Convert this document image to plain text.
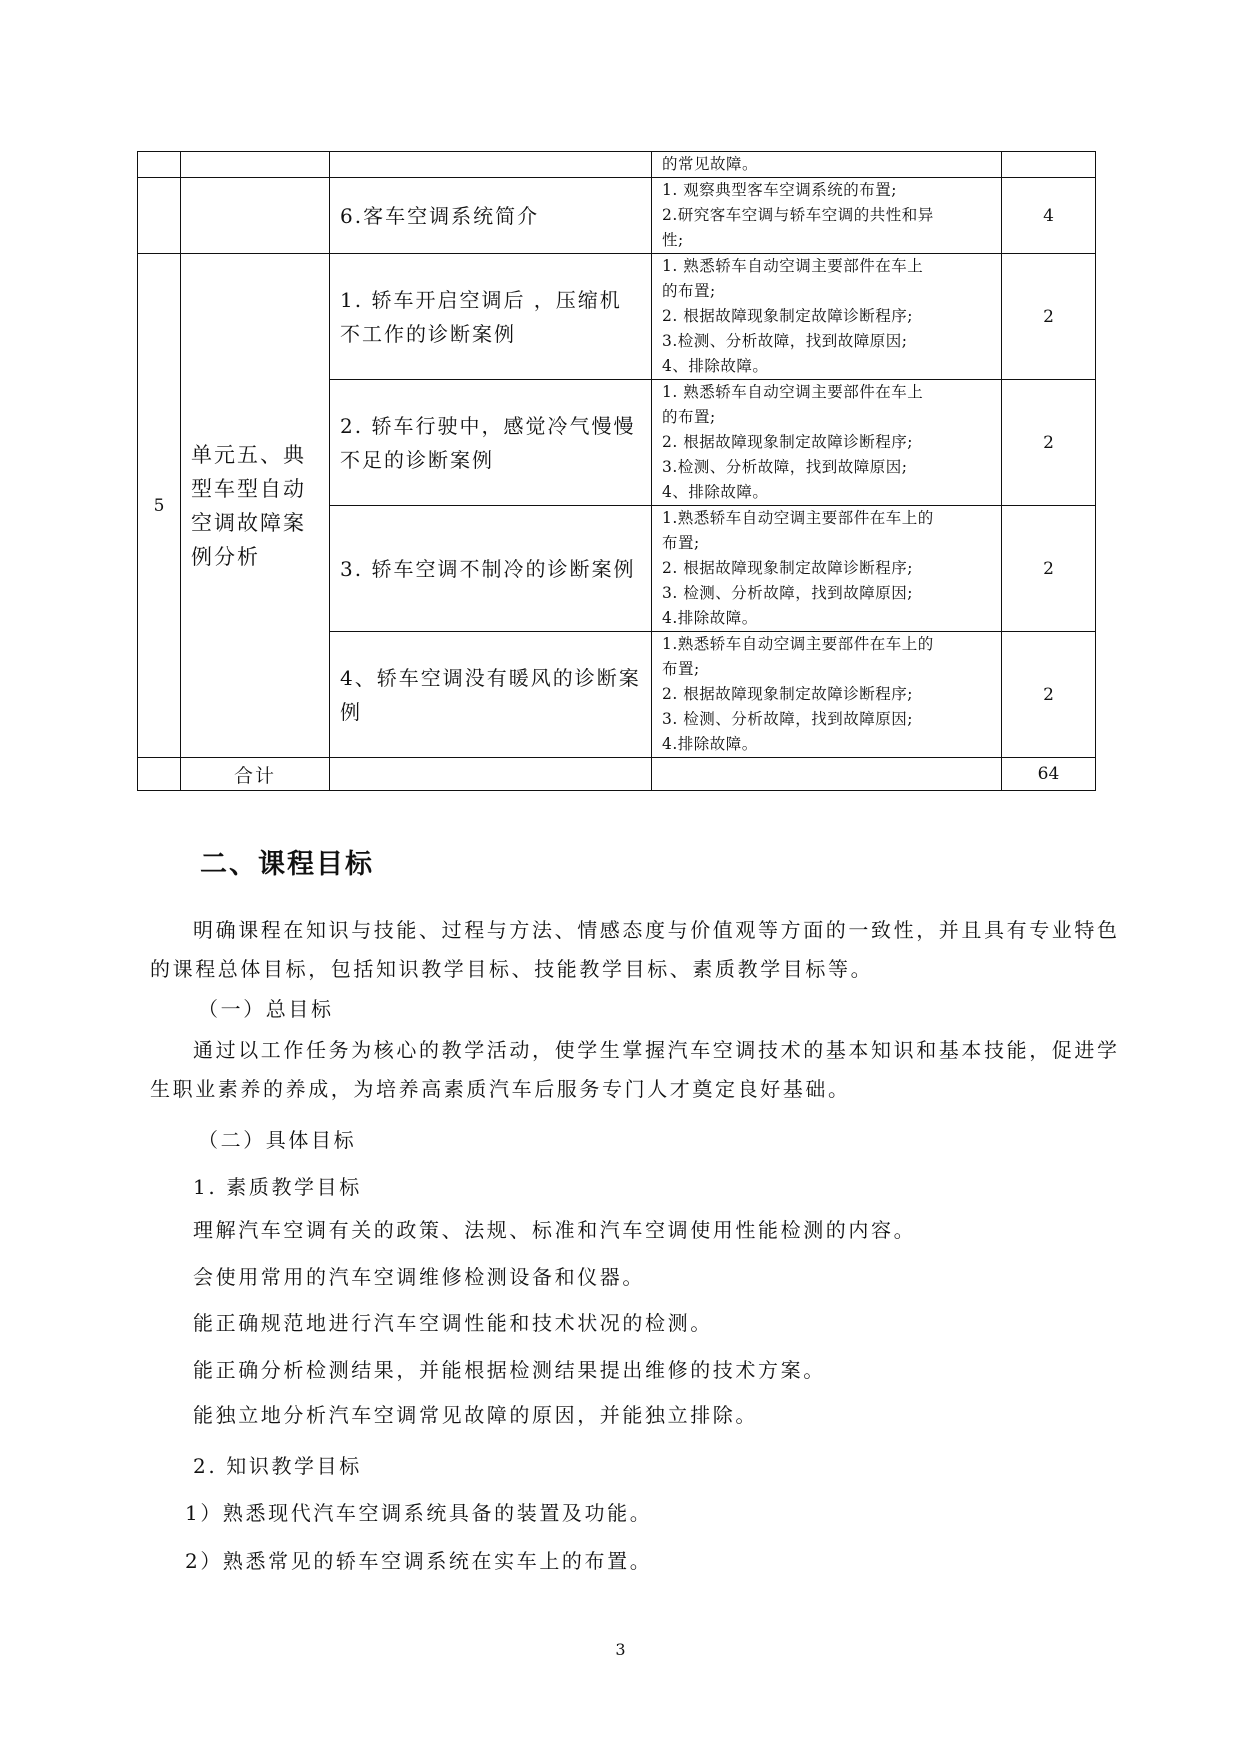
			的常见故障。	

		6.客车空调系统简介	1. 观察典型客车空调系统的布置;
2.研究客车空调与轿车空调的共性和异
性;	4
5	单元五、典型车型自动空调故障案例分析	1. 轿车开启空调后 ，压缩机不工作的诊断案例	1. 熟悉轿车自动空调主要部件在车上
的布置;
2. 根据故障现象制定故障诊断程序;
3.检测、分析故障，找到故障原因;
4、排除故障。	2
		2. 轿车行驶中，感觉冷气慢慢不足的诊断案例	1. 熟悉轿车自动空调主要部件在车上
的布置;
2. 根据故障现象制定故障诊断程序;
3.检测、分析故障，找到故障原因;
4、排除故障。	2
		3. 轿车空调不制冷的诊断案例	1.熟悉轿车自动空调主要部件在车上的
布置;
2. 根据故障现象制定故障诊断程序;
3. 检测、分析故障，找到故障原因;
4.排除故障。	2
		4、轿车空调没有暖风的诊断案例	1.熟悉轿车自动空调主要部件在车上的
布置;
2. 根据故障现象制定故障诊断程序;
3. 检测、分析故障，找到故障原因;
4.排除故障。	2
	合计			64
二、课程目标
明确课程在知识与技能、过程与方法、情感态度与价值观等方面的一致性，并且具有专业特色
的课程总体目标，包括知识教学目标、技能教学目标、素质教学目标等。
（一）总目标
通过以工作任务为核心的教学活动，使学生掌握汽车空调技术的基本知识和基本技能，促进学
生职业素养的养成，为培养高素质汽车后服务专门人才奠定良好基础。
（二）具体目标
1. 素质教学目标
理解汽车空调有关的政策、法规、标准和汽车空调使用性能检测的内容。
会使用常用的汽车空调维修检测设备和仪器。
能正确规范地进行汽车空调性能和技术状况的检测。
能正确分析检测结果，并能根据检测结果提出维修的技术方案。
能独立地分析汽车空调常见故障的原因，并能独立排除。
2. 知识教学目标
1）熟悉现代汽车空调系统具备的装置及功能。
2）熟悉常见的轿车空调系统在实车上的布置。
3
